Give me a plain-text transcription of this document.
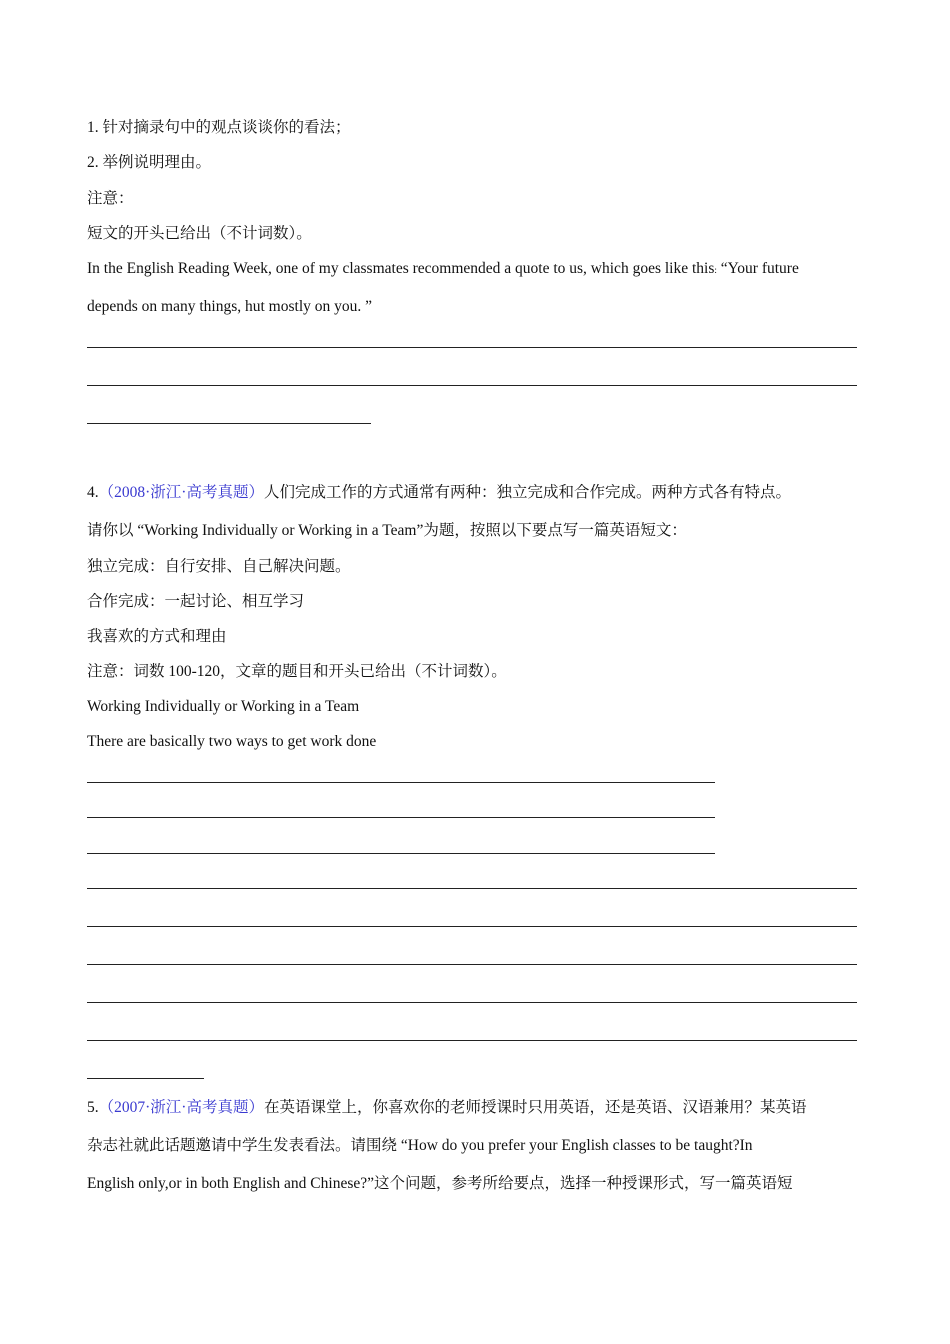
1. 针对摘录句中的观点谈谈你的看法；
2. 举例说明理由。
注意：
短文的开头已给出（不计词数）。
In the English Reading Week, one of my classmates recommended a quote to us, which goes like this: “Your future
depends on many things, hut mostly on you. ”
4.（2008·浙江·高考真题）人们完成工作的方式通常有两种：独立完成和合作完成。两种方式各有特点。
请你以 “Working Individually or Working in a Team”为题，按照以下要点写一篇英语短文：
独立完成：自行安排、自己解决问题。
合作完成：一起讨论、相互学习
我喜欢的方式和理由
注意：词数 100-120，文章的题目和开头已给出（不计词数）。
Working Individually or Working in a Team
There are basically two ways to get work done
5.（2007·浙江·高考真题）在英语课堂上，你喜欢你的老师授课时只用英语，还是英语、汉语兼用？某英语
杂志社就此话题邀请中学生发表看法。请围绕 “How do you prefer your English classes to be taught?In
English only,or in both English and Chinese?”这个问题，参考所给要点，选择一种授课形式，写一篇英语短
